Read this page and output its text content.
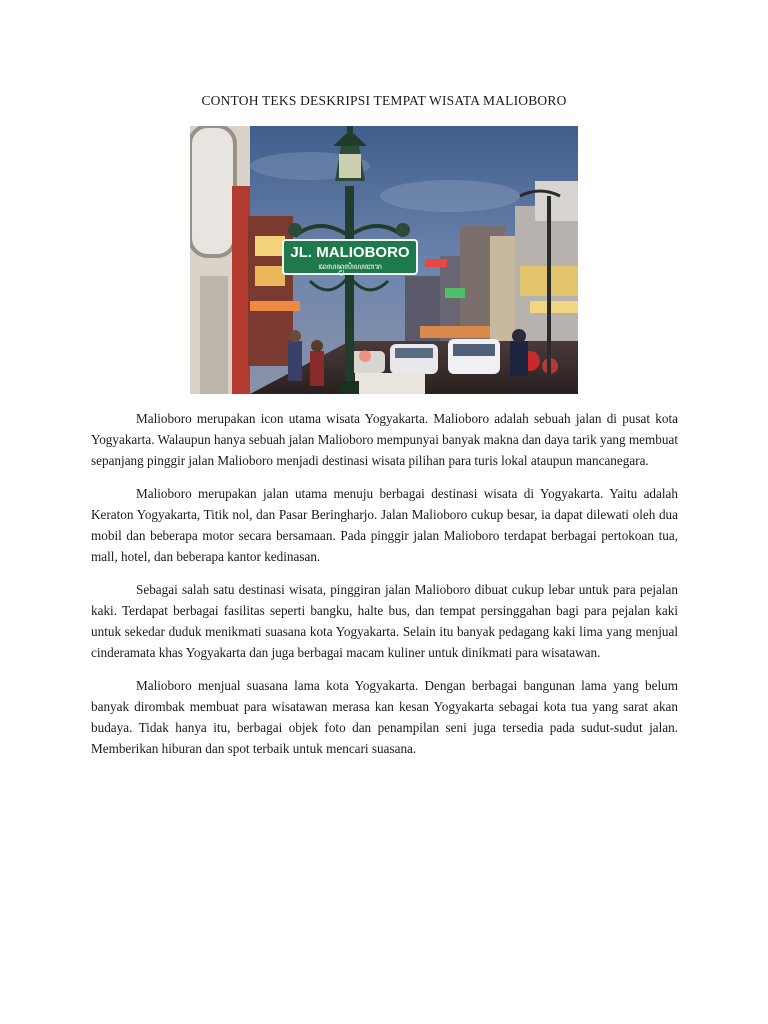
CONTOH TEKS DESKRIPSI TEMPAT WISATA MALIOBORO
JL. MALIOBORO
ꦢꦭꦤ꧀ꦩꦭꦶꦪꦧꦫ

Malioboro merupakan icon utama wisata Yogyakarta. Malioboro adalah sebuah jalan di pusat kota Yogyakarta. Walaupun hanya sebuah jalan Malioboro mempunyai banyak makna dan daya tarik yang membuat sepanjang pinggir jalan Malioboro menjadi destinasi wisata pilihan para turis lokal ataupun mancanegara.

Malioboro merupakan jalan utama menuju berbagai destinasi wisata di Yogyakarta. Yaitu adalah Keraton Yogyakarta, Titik nol, dan Pasar Beringharjo. Jalan Malioboro cukup besar, ia dapat dilewati oleh dua mobil dan beberapa motor secara bersamaan. Pada pinggir jalan Malioboro terdapat berbagai pertokoan tua, mall, hotel, dan beberapa kantor kedinasan.

Sebagai salah satu destinasi wisata, pinggiran jalan Malioboro dibuat cukup lebar untuk para pejalan kaki. Terdapat berbagai fasilitas seperti bangku, halte bus, dan tempat persinggahan bagi para pejalan kaki untuk sekedar duduk menikmati suasana kota Yogyakarta. Selain itu banyak pedagang kaki lima yang menjual cinderamata khas Yogyakarta dan juga berbagai macam kuliner untuk dinikmati para wisatawan.

Malioboro menjual suasana lama kota Yogyakarta. Dengan berbagai bangunan lama yang belum banyak dirombak membuat para wisatawan merasa kan kesan Yogyakarta sebagai kota tua yang sarat akan budaya. Tidak hanya itu, berbagai objek foto dan penampilan seni juga tersedia pada sudut-sudut jalan. Memberikan hiburan dan spot terbaik untuk mencari suasana.
